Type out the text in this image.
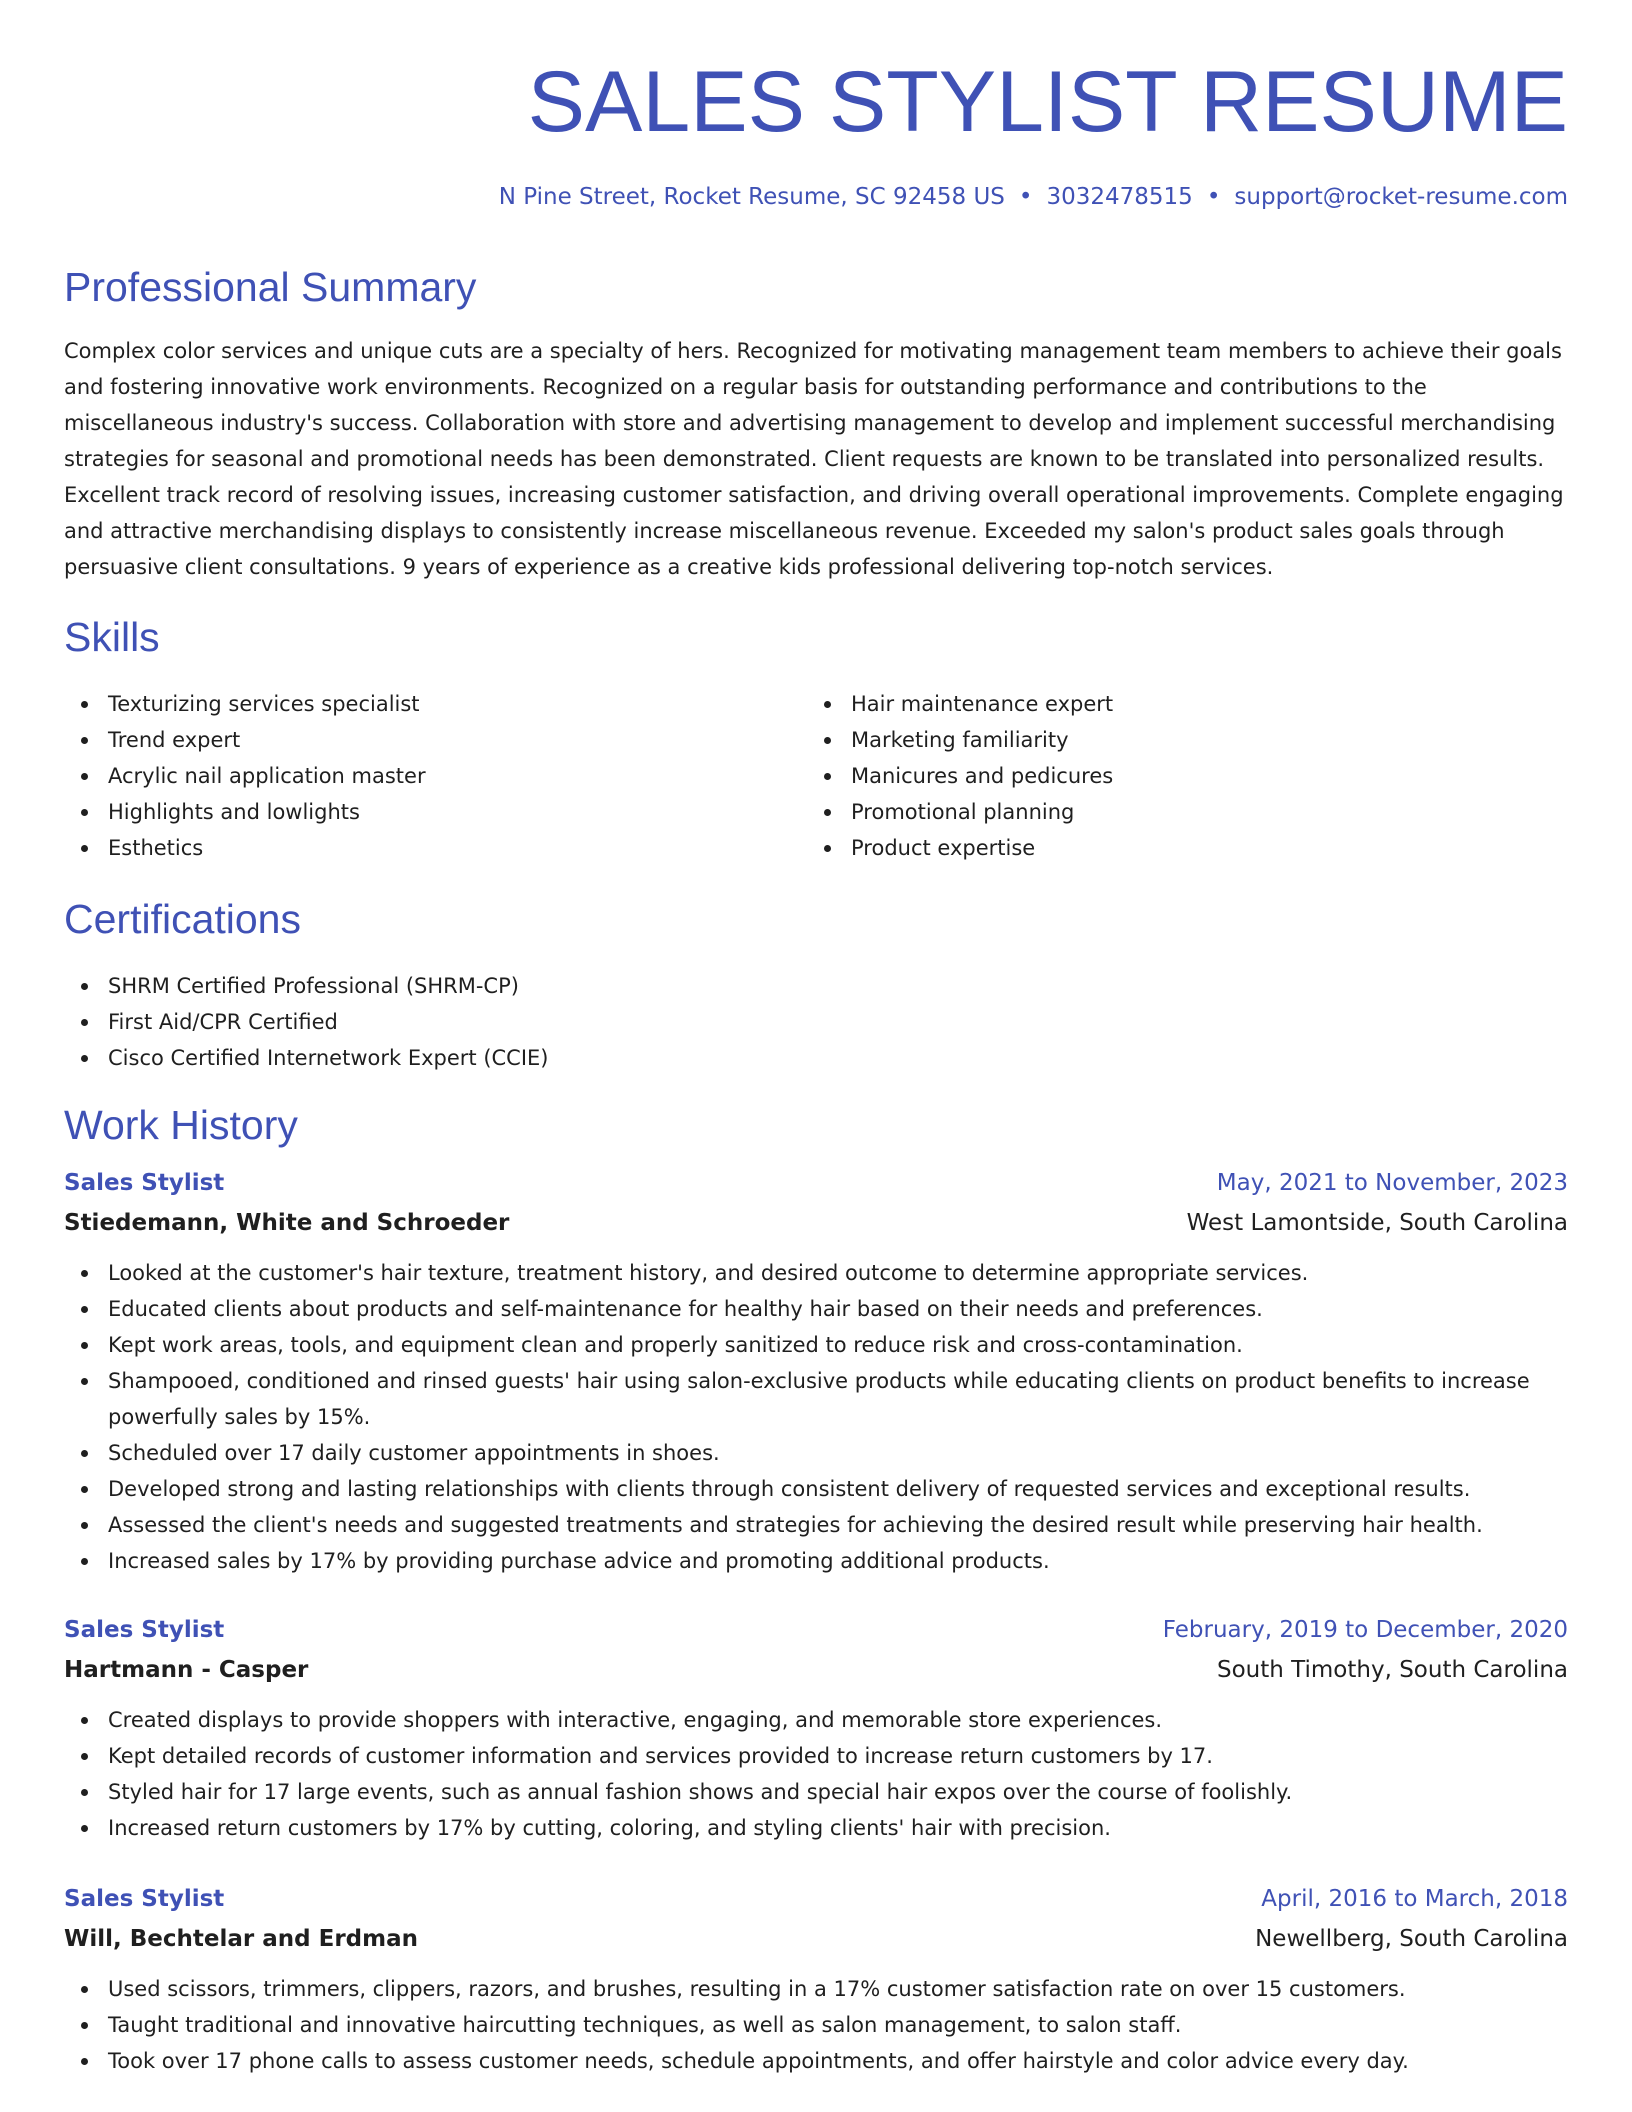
SALES STYLIST RESUME
N Pine Street, Rocket Resume, SC 92458 US • 3032478515 • support@rocket-resume.com
Professional Summary

Complex color services and unique cuts are a specialty of hers. Recognized for motivating management team members to achieve their goals and fostering innovative work environments. Recognized on a regular basis for outstanding performance and contributions to the miscellaneous industry's success. Collaboration with store and advertising management to develop and implement successful merchandising strategies for seasonal and promotional needs has been demonstrated. Client requests are known to be translated into personalized results. Excellent track record of resolving issues, increasing customer satisfaction, and driving overall operational improvements. Complete engaging and attractive merchandising displays to consistently increase miscellaneous revenue. Exceeded my salon's product sales goals through persuasive client consultations. 9 years of experience as a creative kids professional delivering top-notch services.

Skills
Texturizing services specialist
Trend expert
Acrylic nail application master
Highlights and lowlights
Esthetics
Hair maintenance expert
Marketing familiarity
Manicures and pedicures
Promotional planning
Product expertise
Certifications
SHRM Certified Professional (SHRM-CP)
First Aid/CPR Certified
Cisco Certified Internetwork Expert (CCIE)
Work History
Sales Stylist	May, 2021 to November, 2023
Stiedemann, White and Schroeder	West Lamontside, South Carolina
Looked at the customer's hair texture, treatment history, and desired outcome to determine appropriate services.
Educated clients about products and self-maintenance for healthy hair based on their needs and preferences.
Kept work areas, tools, and equipment clean and properly sanitized to reduce risk and cross-contamination.
Shampooed, conditioned and rinsed guests' hair using salon-exclusive products while educating clients on product benefits to increase powerfully sales by 15%.
Scheduled over 17 daily customer appointments in shoes.
Developed strong and lasting relationships with clients through consistent delivery of requested services and exceptional results.
Assessed the client's needs and suggested treatments and strategies for achieving the desired result while preserving hair health.
Increased sales by 17% by providing purchase advice and promoting additional products.
Sales Stylist	February, 2019 to December, 2020
Hartmann - Casper	South Timothy, South Carolina
Created displays to provide shoppers with interactive, engaging, and memorable store experiences.
Kept detailed records of customer information and services provided to increase return customers by 17.
Styled hair for 17 large events, such as annual fashion shows and special hair expos over the course of foolishly.
Increased return customers by 17% by cutting, coloring, and styling clients' hair with precision.
Sales Stylist	April, 2016 to March, 2018
Will, Bechtelar and Erdman	Newellberg, South Carolina
Used scissors, trimmers, clippers, razors, and brushes, resulting in a 17% customer satisfaction rate on over 15 customers.
Taught traditional and innovative haircutting techniques, as well as salon management, to salon staff.
Took over 17 phone calls to assess customer needs, schedule appointments, and offer hairstyle and color advice every day.
